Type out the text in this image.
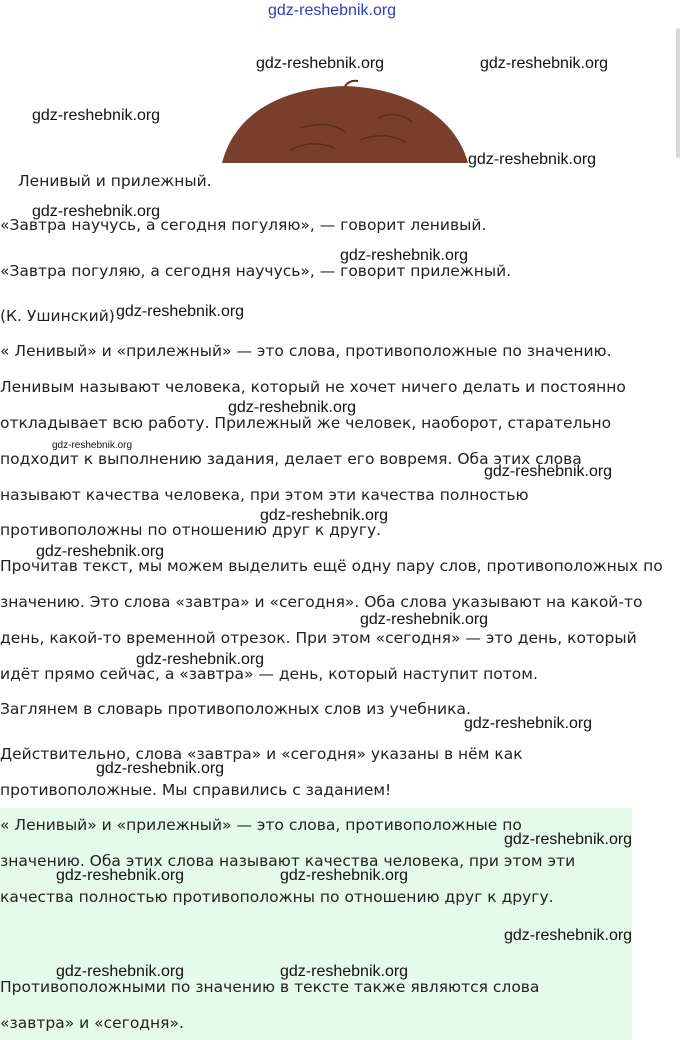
gdz-reshebnik.org
Ленивый и прилежный.
«Завтра научусь, а сегодня погуляю», — говорит ленивый.
«Завтра погуляю, а сегодня научусь», — говорит прилежный.
(К. Ушинский)
« Ленивый» и «прилежный» — это слова, противоположные по значению.
Ленивым называют человека, который не хочет ничего делать и постоянно
откладывает всю работу. Прилежный же человек, наоборот, старательно
подходит к выполнению задания, делает его вовремя. Оба этих слова
называют качества человека, при этом эти качества полностью
противоположны по отношению друг к другу.
Прочитав текст, мы можем выделить ещё одну пару слов, противоположных по
значению. Это слова «завтра» и «сегодня». Оба слова указывают на какой-то
день, какой-то временной отрезок. При этом «сегодня» — это день, который
идёт прямо сейчас, а «завтра» — день, который наступит потом.
Заглянем в словарь противоположных слов из учебника.
Действительно, слова «завтра» и «сегодня» указаны в нём как
противоположные. Мы справились с заданием!
« Ленивый» и «прилежный» — это слова, противоположные по
значению. Оба этих слова называют качества человека, при этом эти
качества полностью противоположны по отношению друг к другу.
Противоположными по значению в тексте также являются слова
«завтра» и «сегодня».
gdz-reshebnik.org	gdz-reshebnik.org
gdz-reshebnik.org
gdz-reshebnik.org
gdz-reshebnik.org
gdz-reshebnik.org
gdz-reshebnik.org
gdz-reshebnik.org
gdz-reshebnik.org
gdz-reshebnik.org
gdz-reshebnik.org
gdz-reshebnik.org
gdz-reshebnik.org
gdz-reshebnik.org
gdz-reshebnik.org
gdz-reshebnik.org
gdz-reshebnik.org
gdz-reshebnik.org	gdz-reshebnik.org
gdz-reshebnik.org
gdz-reshebnik.org	gdz-reshebnik.org
